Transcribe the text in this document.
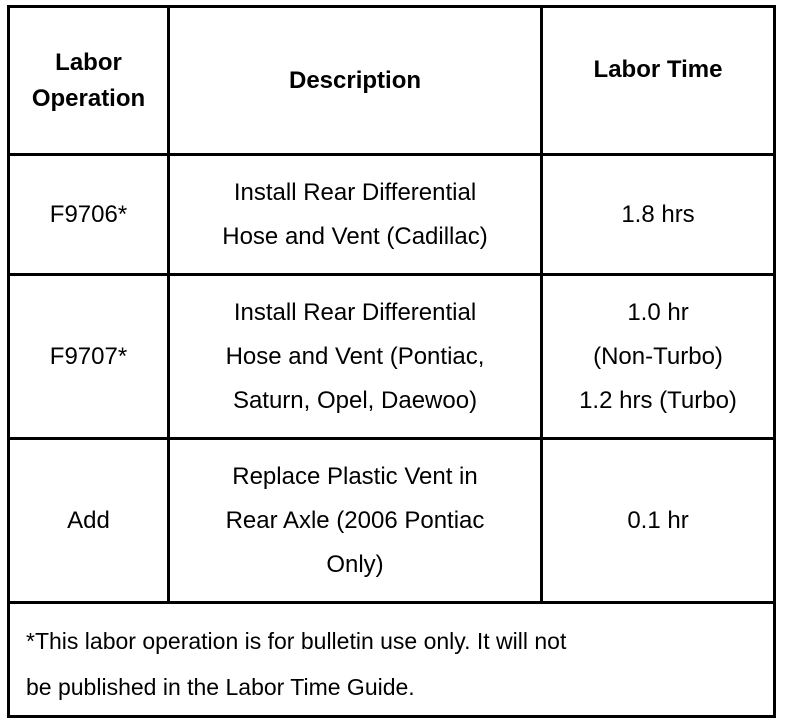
Labor
Operation
Description	Labor Time
F9706*
Install Rear Differential
Hose and Vent (Cadillac)
1.8 hrs
F9707*
Install Rear Differential
Hose and Vent (Pontiac,
Saturn, Opel, Daewoo)
1.0 hr
(Non-Turbo)
1.2 hrs (Turbo)
Add
Replace Plastic Vent in
Rear Axle (2006 Pontiac
Only)
0.1 hr
*This labor operation is for bulletin use only. It will not
be published in the Labor Time Guide.
